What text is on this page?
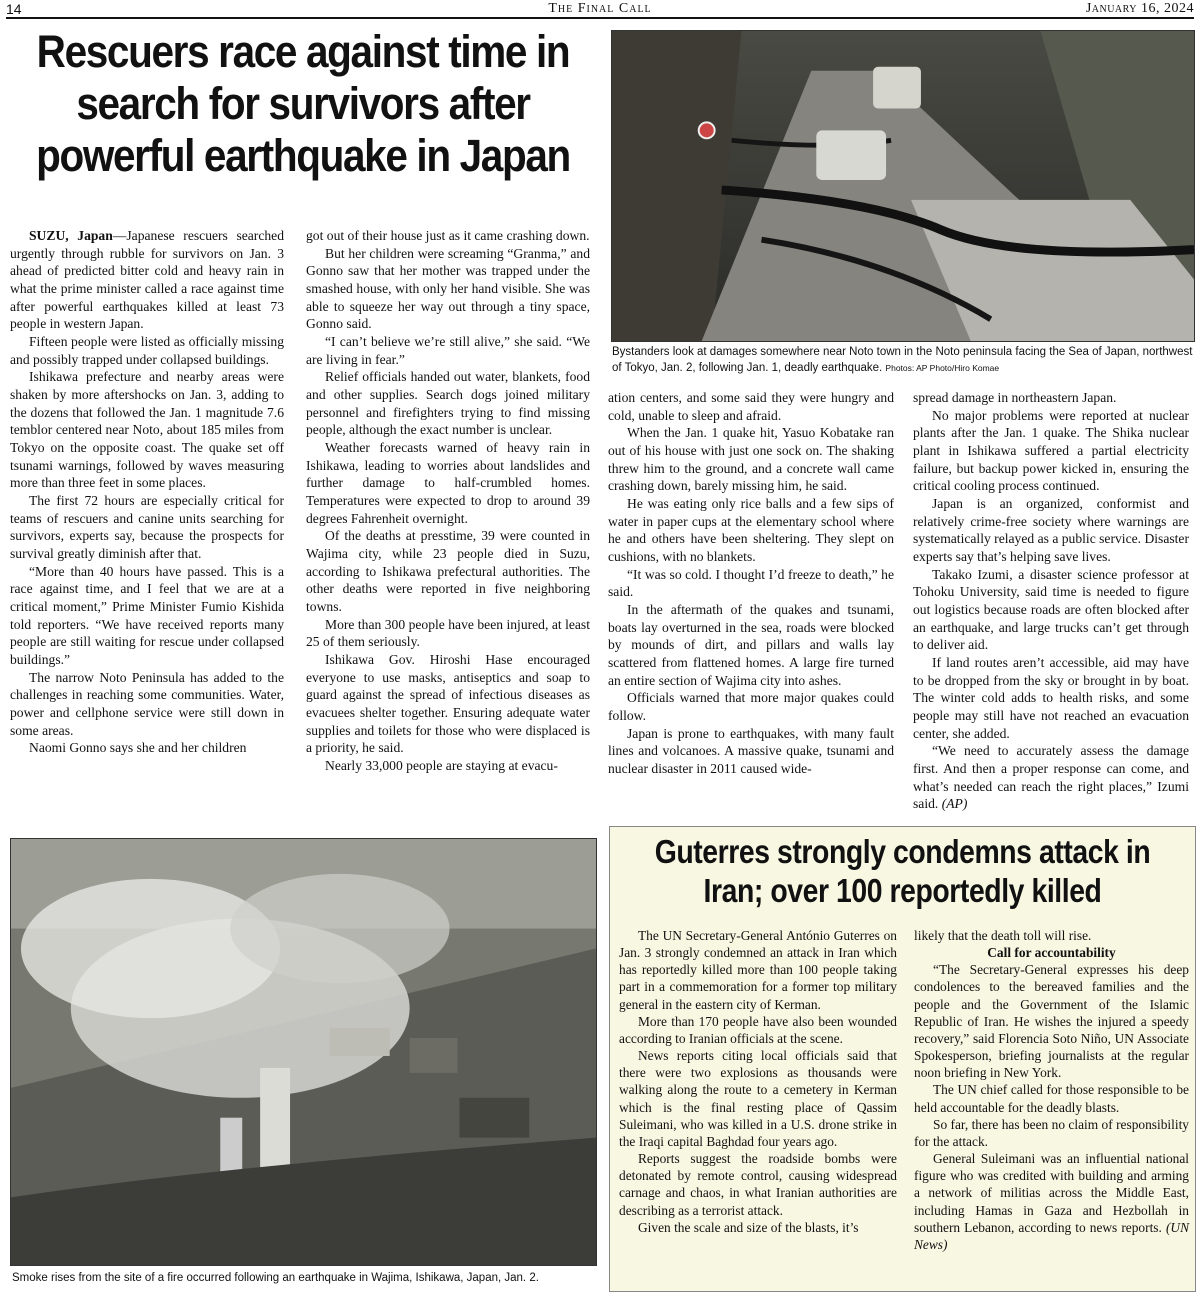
14	The Final Call	January 16, 2024
Rescuers race against time in search for survivors after powerful earthquake in Japan
Bystanders look at damages somewhere near Noto town in the Noto peninsula facing the Sea of Japan, northwest of Tokyo, Jan. 2, following Jan. 1, deadly earthquake. Photos: AP Photo/Hiro Komae

SUZU, Japan—Japanese rescuers searched urgently through rubble for survivors on Jan. 3 ahead of predicted bitter cold and heavy rain in what the prime minister called a race against time after powerful earthquakes killed at least 73 people in western Japan.

Fifteen people were listed as officially missing and possibly trapped under collapsed buildings.

Ishikawa prefecture and nearby areas were shaken by more aftershocks on Jan. 3, adding to the dozens that followed the Jan. 1 magnitude 7.6 temblor centered near Noto, about 185 miles from Tokyo on the opposite coast. The quake set off tsunami warnings, followed by waves measuring more than three feet in some places.

The first 72 hours are especially critical for teams of rescuers and canine units searching for survivors, experts say, because the prospects for survival greatly diminish after that.

“More than 40 hours have passed. This is a race against time, and I feel that we are at a critical moment,” Prime Minister Fumio Kishida told reporters. “We have received reports many people are still waiting for rescue under collapsed buildings.”

The narrow Noto Peninsula has added to the challenges in reaching some communities. Water, power and cellphone service were still down in some areas.

Naomi Gonno says she and her children

got out of their house just as it came crashing down.

But her children were screaming “Granma,” and Gonno saw that her mother was trapped under the smashed house, with only her hand visible. She was able to squeeze her way out through a tiny space, Gonno said.

“I can’t believe we’re still alive,” she said. “We are living in fear.”

Relief officials handed out water, blankets, food and other supplies. Search dogs joined military personnel and firefighters trying to find missing people, although the exact number is unclear.

Weather forecasts warned of heavy rain in Ishikawa, leading to worries about landslides and further damage to half-crumbled homes. Temperatures were expected to drop to around 39 degrees Fahrenheit overnight.

Of the deaths at presstime, 39 were counted in Wajima city, while 23 people died in Suzu, according to Ishikawa prefectural authorities. The other deaths were reported in five neighboring towns.

More than 300 people have been injured, at least 25 of them seriously.

Ishikawa Gov. Hiroshi Hase encouraged everyone to use masks, antiseptics and soap to guard against the spread of infectious diseases as evacuees shelter together. Ensuring adequate water supplies and toilets for those who were displaced is a priority, he said.

Nearly 33,000 people are staying at evacu-

ation centers, and some said they were hungry and cold, unable to sleep and afraid.

When the Jan. 1 quake hit, Yasuo Kobatake ran out of his house with just one sock on. The shaking threw him to the ground, and a concrete wall came crashing down, barely missing him, he said.

He was eating only rice balls and a few sips of water in paper cups at the elementary school where he and others have been sheltering. They slept on cushions, with no blankets.

“It was so cold. I thought I’d freeze to death,” he said.

In the aftermath of the quakes and tsunami, boats lay overturned in the sea, roads were blocked by mounds of dirt, and pillars and walls lay scattered from flattened homes. A large fire turned an entire section of Wajima city into ashes.

Officials warned that more major quakes could follow.

Japan is prone to earthquakes, with many fault lines and volcanoes. A massive quake, tsunami and nuclear disaster in 2011 caused wide-

spread damage in northeastern Japan.

No major problems were reported at nuclear plants after the Jan. 1 quake. The Shika nuclear plant in Ishikawa suffered a partial electricity failure, but backup power kicked in, ensuring the critical cooling process continued.

Japan is an organized, conformist and relatively crime-free society where warnings are systematically relayed as a public service. Disaster experts say that’s helping save lives.

Takako Izumi, a disaster science professor at Tohoku University, said time is needed to figure out logistics because roads are often blocked after an earthquake, and large trucks can’t get through to deliver aid.

If land routes aren’t accessible, aid may have to be dropped from the sky or brought in by boat. The winter cold adds to health risks, and some people may still have not reached an evacuation center, she added.

“We need to accurately assess the damage first. And then a proper response can come, and what’s needed can reach the right places,” Izumi said. (AP)

Smoke rises from the site of a fire occurred following an earthquake in Wajima, Ishikawa, Japan, Jan. 2.
Guterres strongly condemns attack in Iran; over 100 reportedly killed

The UN Secretary-General António Guterres on Jan. 3 strongly condemned an attack in Iran which has reportedly killed more than 100 people taking part in a commemoration for a former top military general in the eastern city of Kerman.

More than 170 people have also been wounded according to Iranian officials at the scene.

News reports citing local officials said that there were two explosions as thousands were walking along the route to a cemetery in Kerman which is the final resting place of Qassim Suleimani, who was killed in a U.S. drone strike in the Iraqi capital Baghdad four years ago.

Reports suggest the roadside bombs were detonated by remote control, causing widespread carnage and chaos, in what Iranian authorities are describing as a terrorist attack.

Given the scale and size of the blasts, it’s

likely that the death toll will rise.

Call for accountability

“The Secretary-General expresses his deep condolences to the bereaved families and the people and the Government of the Islamic Republic of Iran. He wishes the injured a speedy recovery,” said Florencia Soto Niño, UN Associate Spokesperson, briefing journalists at the regular noon briefing in New York.

The UN chief called for those responsible to be held accountable for the deadly blasts.

So far, there has been no claim of responsibility for the attack.

General Suleimani was an influential national figure who was credited with building and arming a network of militias across the Middle East, including Hamas in Gaza and Hezbollah in southern Lebanon, according to news reports. (UN News)
